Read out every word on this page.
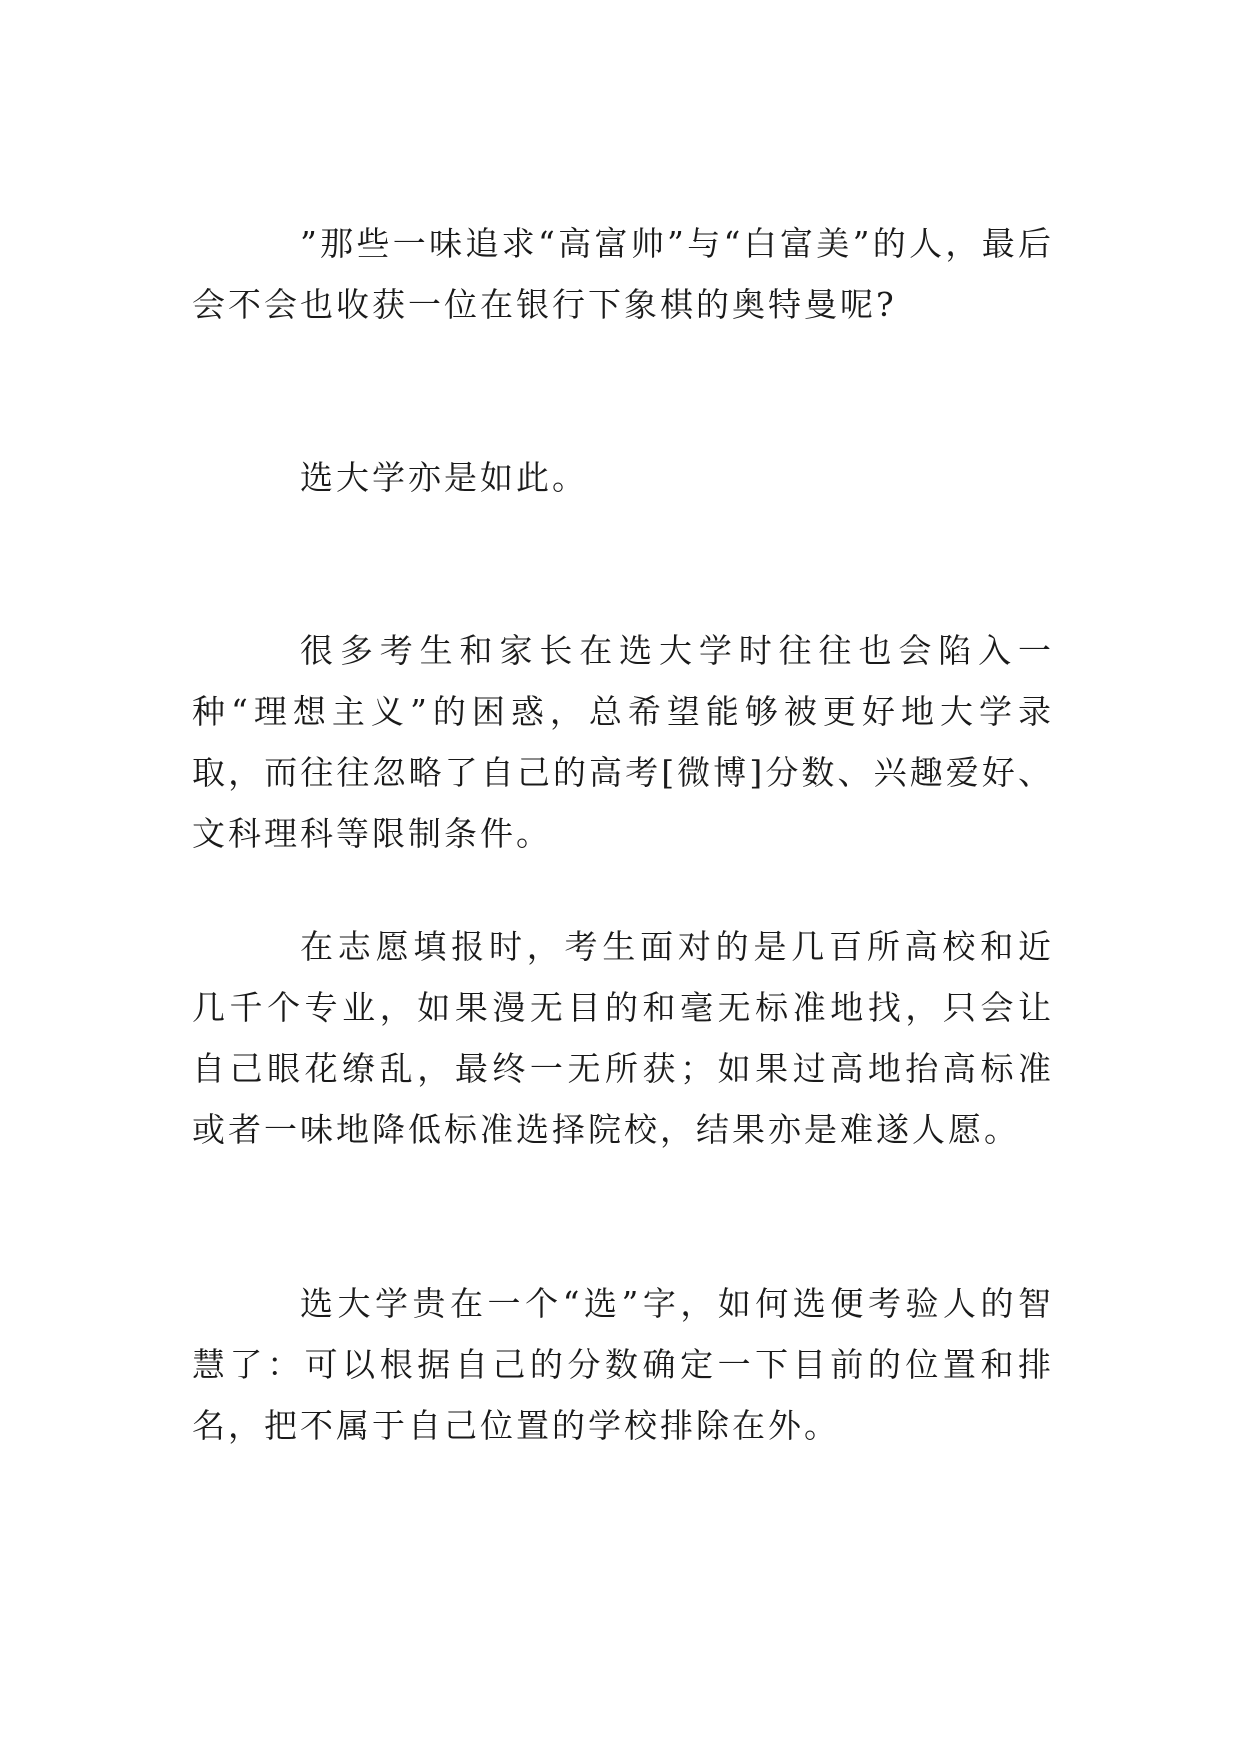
”那些一味追求“高富帅”与“白富美”的人，最后会不会也收获一位在银行下象棋的奥特曼呢?

选大学亦是如此。

很多考生和家长在选大学时往往也会陷入一种“理想主义”的困惑，总希望能够被更好地大学录取，而往往忽略了自己的高考[微博]分数、兴趣爱好、文科理科等限制条件。

在志愿填报时，考生面对的是几百所高校和近几千个专业，如果漫无目的和毫无标准地找，只会让自己眼花缭乱，最终一无所获；如果过高地抬高标准或者一味地降低标准选择院校，结果亦是难遂人愿。

选大学贵在一个“选”字，如何选便考验人的智慧了：可以根据自己的分数确定一下目前的位置和排名，把不属于自己位置的学校排除在外。
